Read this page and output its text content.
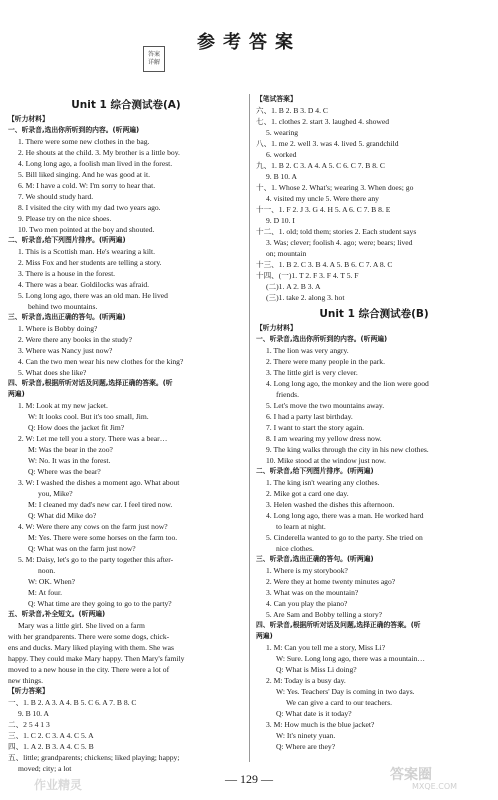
参考答案
答案
详解
Unit 1 综合测试卷(A)
【听力材料】
一、听录音,选出你所听到的内容。(听两遍)
1. There were some new clothes in the bag.
2. He shouts at the child. 3. My brother is a little boy.
4. Long long ago, a foolish man lived in the forest.
5. Bill liked singing. And he was good at it.
6. M: I have a cold. W: I'm sorry to hear that.
7. We should study hard.
8. I visited the city with my dad two years ago.
9. Please try on the nice shoes.
10. Two men pointed at the boy and shouted.
二、听录音,给下列图片排序。(听两遍)
1. This is a Scottish man. He's wearing a kilt.
2. Miss Fox and her students are telling a story.
3. There is a house in the forest.
4. There was a bear. Goldilocks was afraid.
5. Long long ago, there was an old man. He lived
behind two mountains.
三、听录音,选出正确的答句。(听两遍)
1. Where is Bobby doing?
2. Were there any books in the study?
3. Where was Nancy just now?
4. Can the two men wear his new clothes for the king?
5. What does she like?
四、听录音,根据所听对话及问题,选择正确的答案。(听
两遍)
1. M: Look at my new jacket.
W: It looks cool. But it's too small, Jim.
Q: How does the jacket fit Jim?
2. W: Let me tell you a story. There was a bear…
M: Was the bear in the zoo?
W: No. It was in the forest.
Q: Where was the bear?
3. W: I washed the dishes a moment ago. What about
you, Mike?
M: I cleaned my dad's new car. I feel tired now.
Q: What did Mike do?
4. W: Were there any cows on the farm just now?
M: Yes. There were some horses on the farm too.
Q: What was on the farm just now?
5. M: Daisy, let's go to the party together this after-
noon.
W: OK. When?
M: At four.
Q: What time are they going to go to the party?
五、听录音,补全短文。(听两遍)
Mary was a little girl. She lived on a farm
with her grandparents. There were some dogs, chick-
ens and ducks. Mary liked playing with them. She was
happy. They could make Mary happy. Then Mary's family
moved to a new house in the city. There were a lot of
new things.
【听力答案】
一、1. B 2. A 3. A 4. B 5. C 6. A 7. B 8. C
9. B 10. A
二、2 5 4 1 3
三、1. C 2. C 3. A 4. C 5. A
四、1. A 2. B 3. A 4. C 5. B
五、little; grandparents; chickens; liked playing; happy;
moved; city; a lot
【笔试答案】
六、1. B 2. B 3. D 4. C
七、1. clothes 2. start 3. laughed 4. showed
5. wearing
八、1. me 2. well 3. was 4. lived 5. grandchild
6. worked
九、1. B 2. C 3. A 4. A 5. C 6. C 7. B 8. C
9. B 10. A
十、1. Whose 2. What's; wearing 3. When does; go
4. visited my uncle 5. Were there any
十一、1. F 2. J 3. G 4. H 5. A 6. C 7. B 8. E
9. D 10. I
十二、1. old; told them; stories 2. Each student says
3. Was; clever; foolish 4. ago; were; bears; lived
on; mountain
十三、1. B 2. C 3. B 4. A 5. B 6. C 7. A 8. C
十四、(一)1. T 2. F 3. F 4. T 5. F
(二)1. A 2. B 3. A
(三)1. take 2. along 3. hot
Unit 1 综合测试卷(B)
【听力材料】
一、听录音,选出你所听到的内容。(听两遍)
1. The lion was very angry.
2. There were many people in the park.
3. The little girl is very clever.
4. Long long ago, the monkey and the lion were good
friends.
5. Let's move the two mountains away.
6. I had a party last birthday.
7. I want to start the story again.
8. I am wearing my yellow dress now.
9. The king walks through the city in his new clothes.
10. Mike stood at the window just now.
二、听录音,给下列图片排序。(听两遍)
1. The king isn't wearing any clothes.
2. Mike got a card one day.
3. Helen washed the dishes this afternoon.
4. Long long ago, there was a man. He worked hard
to learn at night.
5. Cinderella wanted to go to the party. She tried on
nice clothes.
三、听录音,选出正确的答句。(听两遍)
1. Where is my storybook?
2. Were they at home twenty minutes ago?
3. What was on the mountain?
4. Can you play the piano?
5. Are Sam and Bobby telling a story?
四、听录音,根据所听对话及问题,选择正确的答案。(听
两遍)
1. M: Can you tell me a story, Miss Li?
W: Sure. Long long ago, there was a mountain…
Q: What is Miss Li doing?
2. M: Today is a busy day.
W: Yes. Teachers' Day is coming in two days.
We can give a card to our teachers.
Q: What date is it today?
3. M: How much is the blue jacket?
W: It's ninety yuan.
Q: Where are they?
— 129 —
作业精灵
答案圈
MXQE.COM
